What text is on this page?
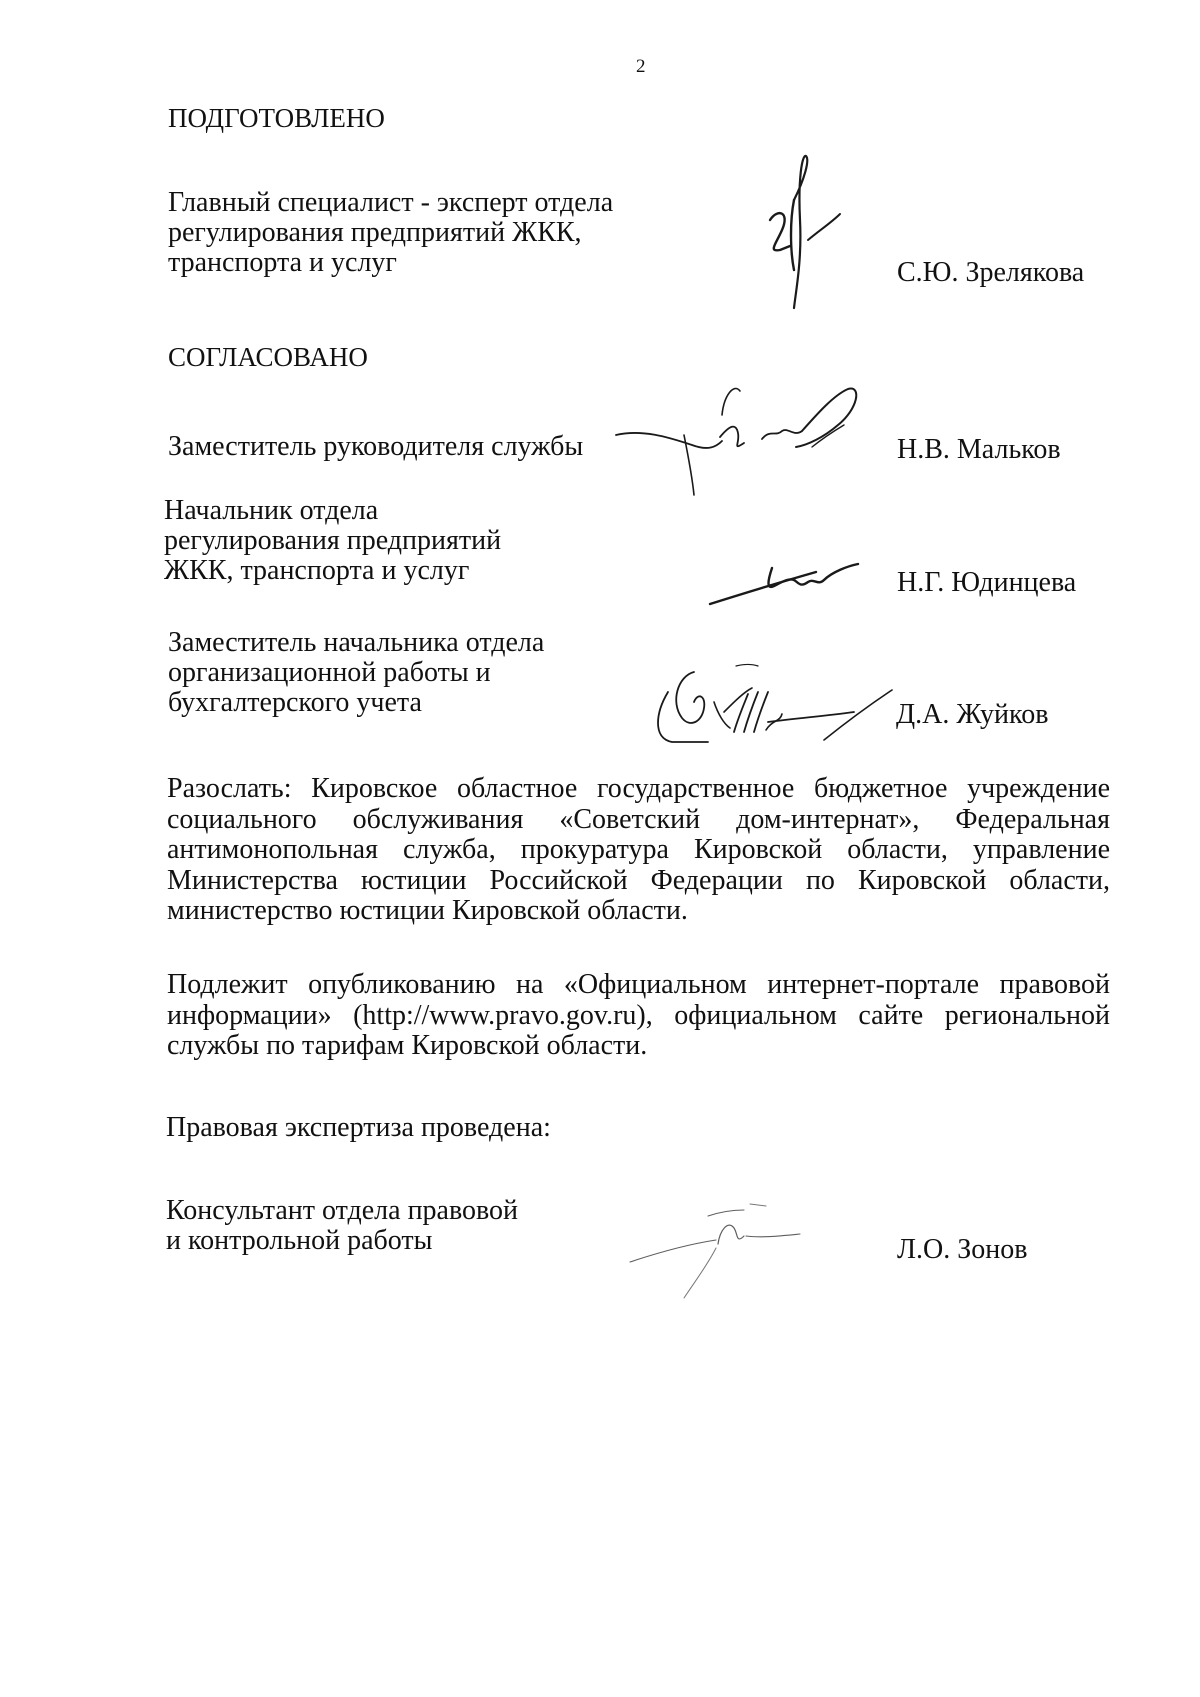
2
ПОДГОТОВЛЕНО
Главный специалист - эксперт отдела
регулирования предприятий ЖКК,
транспорта и услуг	С.Ю. Зрелякова
СОГЛАСОВАНО
Заместитель руководителя службы	Н.В. Мальков
Начальник отдела
регулирования предприятий
ЖКК, транспорта и услуг	Н.Г. Юдинцева
Заместитель начальника отдела
организационной работы и
бухгалтерского учета	Д.А. Жуйков
Разослать: Кировское областное государственное бюджетное учреждение
социального обслуживания «Советский дом-интернат», Федеральная
антимонопольная служба, прокуратура Кировской области, управление
Министерства юстиции Российской Федерации по Кировской области,
министерство юстиции Кировской области.
Подлежит опубликованию на «Официальном интернет-портале правовой
информации» (http://www.pravo.gov.ru), официальном сайте региональной
службы по тарифам Кировской области.
Правовая экспертиза проведена:
Консультант отдела правовой
и контрольной работы	Л.О. Зонов
